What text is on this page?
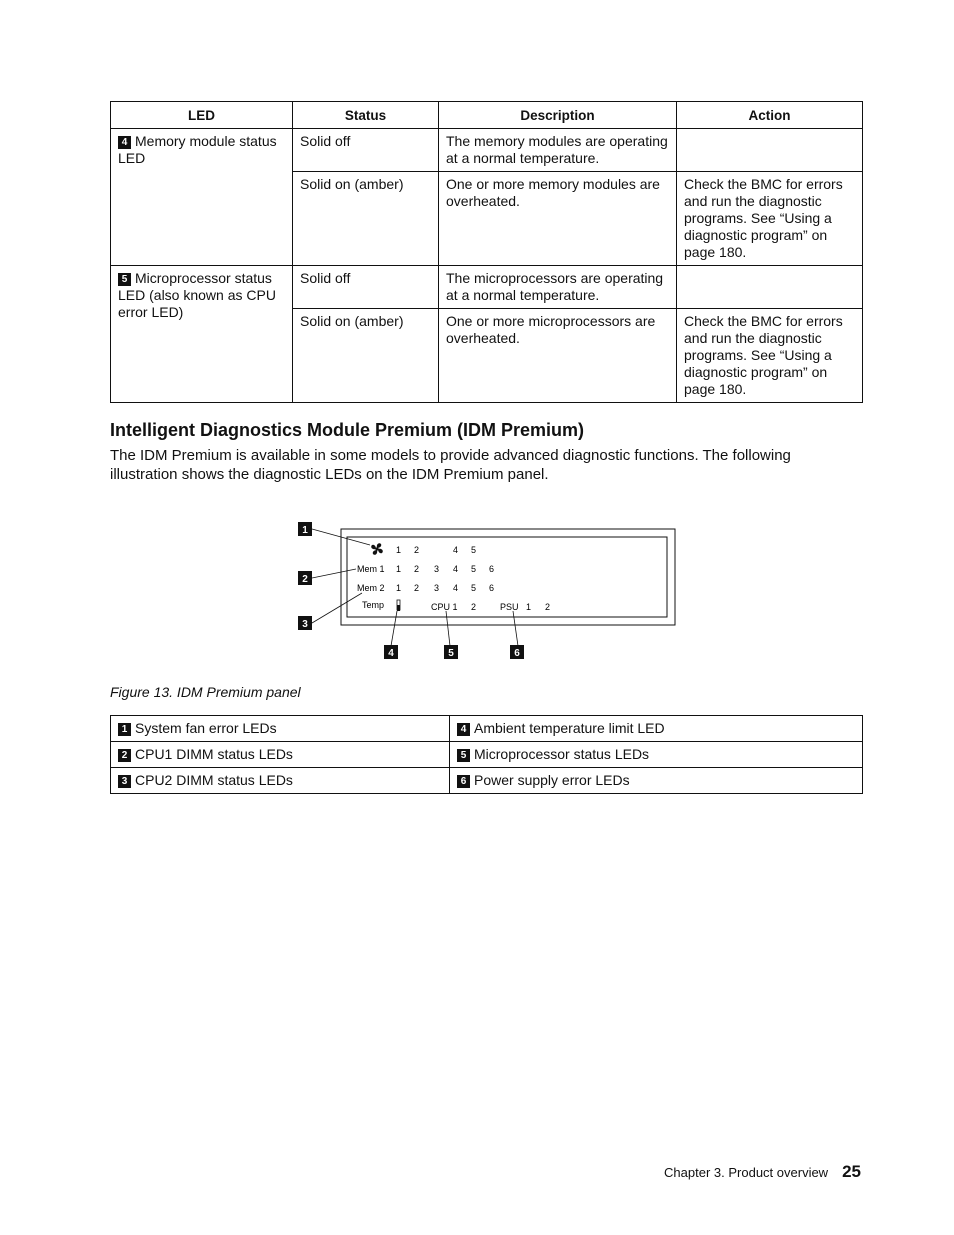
LED	Status	Description	Action
4 Memory module status LED	Solid off	The memory modules are operating at a normal temperature.	
	Solid on (amber)	One or more memory modules are overheated.	Check the BMC for errors and run the diagnostic programs. See “Using a diagnostic program” on page 180.
5 Microprocessor status LED (also known as CPU error LED)	Solid off	The microprocessors are operating at a normal temperature.	
	Solid on (amber)	One or more microprocessors are overheated.	Check the BMC for errors and run the diagnostic programs. See “Using a diagnostic program” on page 180.
Intelligent Diagnostics Module Premium (IDM Premium)

The IDM Premium is available in some models to provide advanced diagnostic functions. The following illustration shows the diagnostic LEDs on the IDM Premium panel.

1 2	4 5
Mem 1 1 2 3 4 5 6
Mem 2 1 2 3 4 5 6
Temp	CPU 1 2	PSU 1 2
1
2
3
4	5	6

Figure 13. IDM Premium panel

1 System fan error LEDs	4 Ambient temperature limit LED
2 CPU1 DIMM status LEDs	5 Microprocessor status LEDs
3 CPU2 DIMM status LEDs	6 Power supply error LEDs
Chapter 3. Product overview 25
